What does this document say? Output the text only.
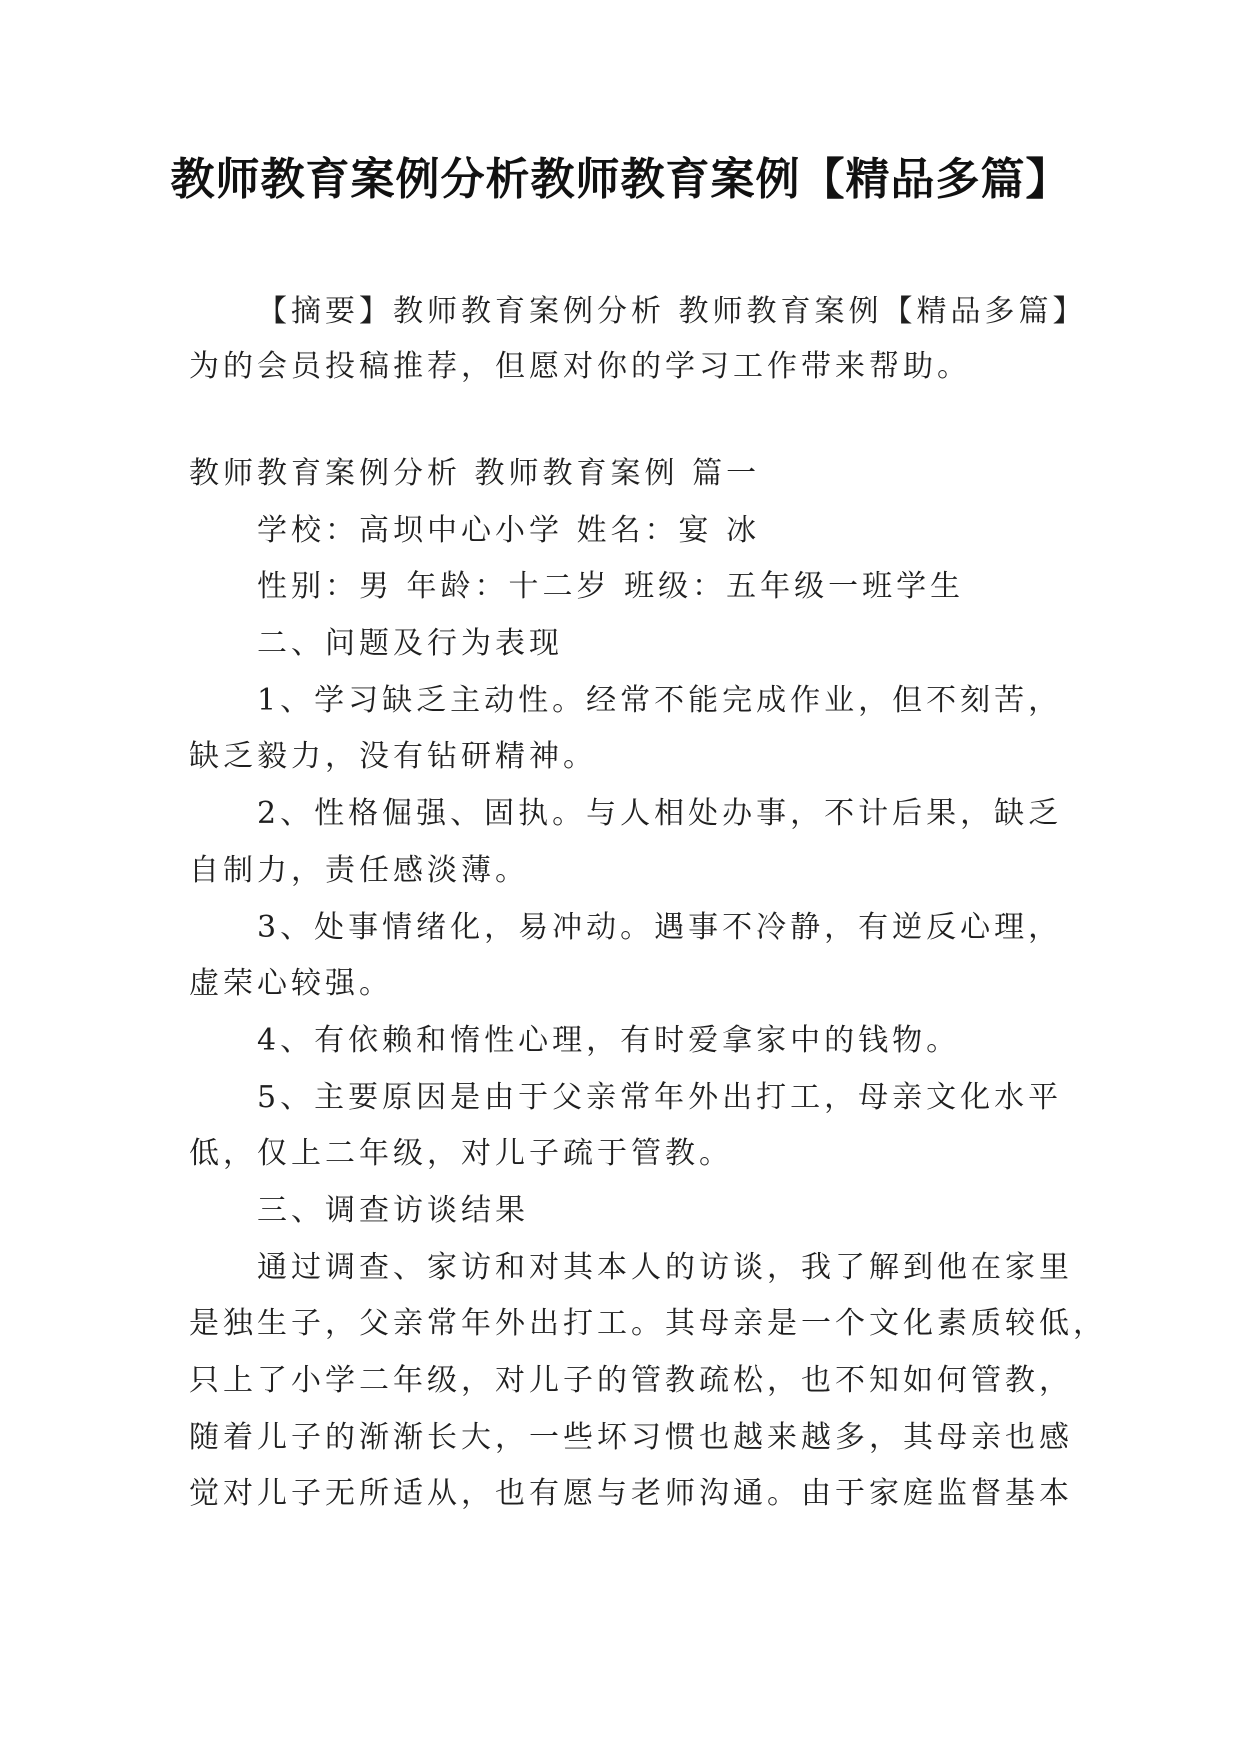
教师教育案例分析教师教育案例【精品多篇】
【摘要】教师教育案例分析 教师教育案例【精品多篇】
为的会员投稿推荐，但愿对你的学习工作带来帮助。
教师教育案例分析 教师教育案例 篇一
学校：高坝中心小学 姓名：宴 冰
性别：男 年龄：十二岁 班级：五年级一班学生
二、问题及行为表现
1、学习缺乏主动性。经常不能完成作业，但不刻苦，
缺乏毅力，没有钻研精神。
2、性格倔强、固执。与人相处办事，不计后果，缺乏
自制力，责任感淡薄。
3、处事情绪化，易冲动。遇事不冷静，有逆反心理，
虚荣心较强。
4、有依赖和惰性心理，有时爱拿家中的钱物。
5、主要原因是由于父亲常年外出打工，母亲文化水平
低，仅上二年级，对儿子疏于管教。
三、调查访谈结果
通过调查、家访和对其本人的访谈，我了解到他在家里
是独生子，父亲常年外出打工。其母亲是一个文化素质较低，
只上了小学二年级，对儿子的管教疏松，也不知如何管教，
随着儿子的渐渐长大，一些坏习惯也越来越多，其母亲也感
觉对儿子无所适从，也有愿与老师沟通。由于家庭监督基本
